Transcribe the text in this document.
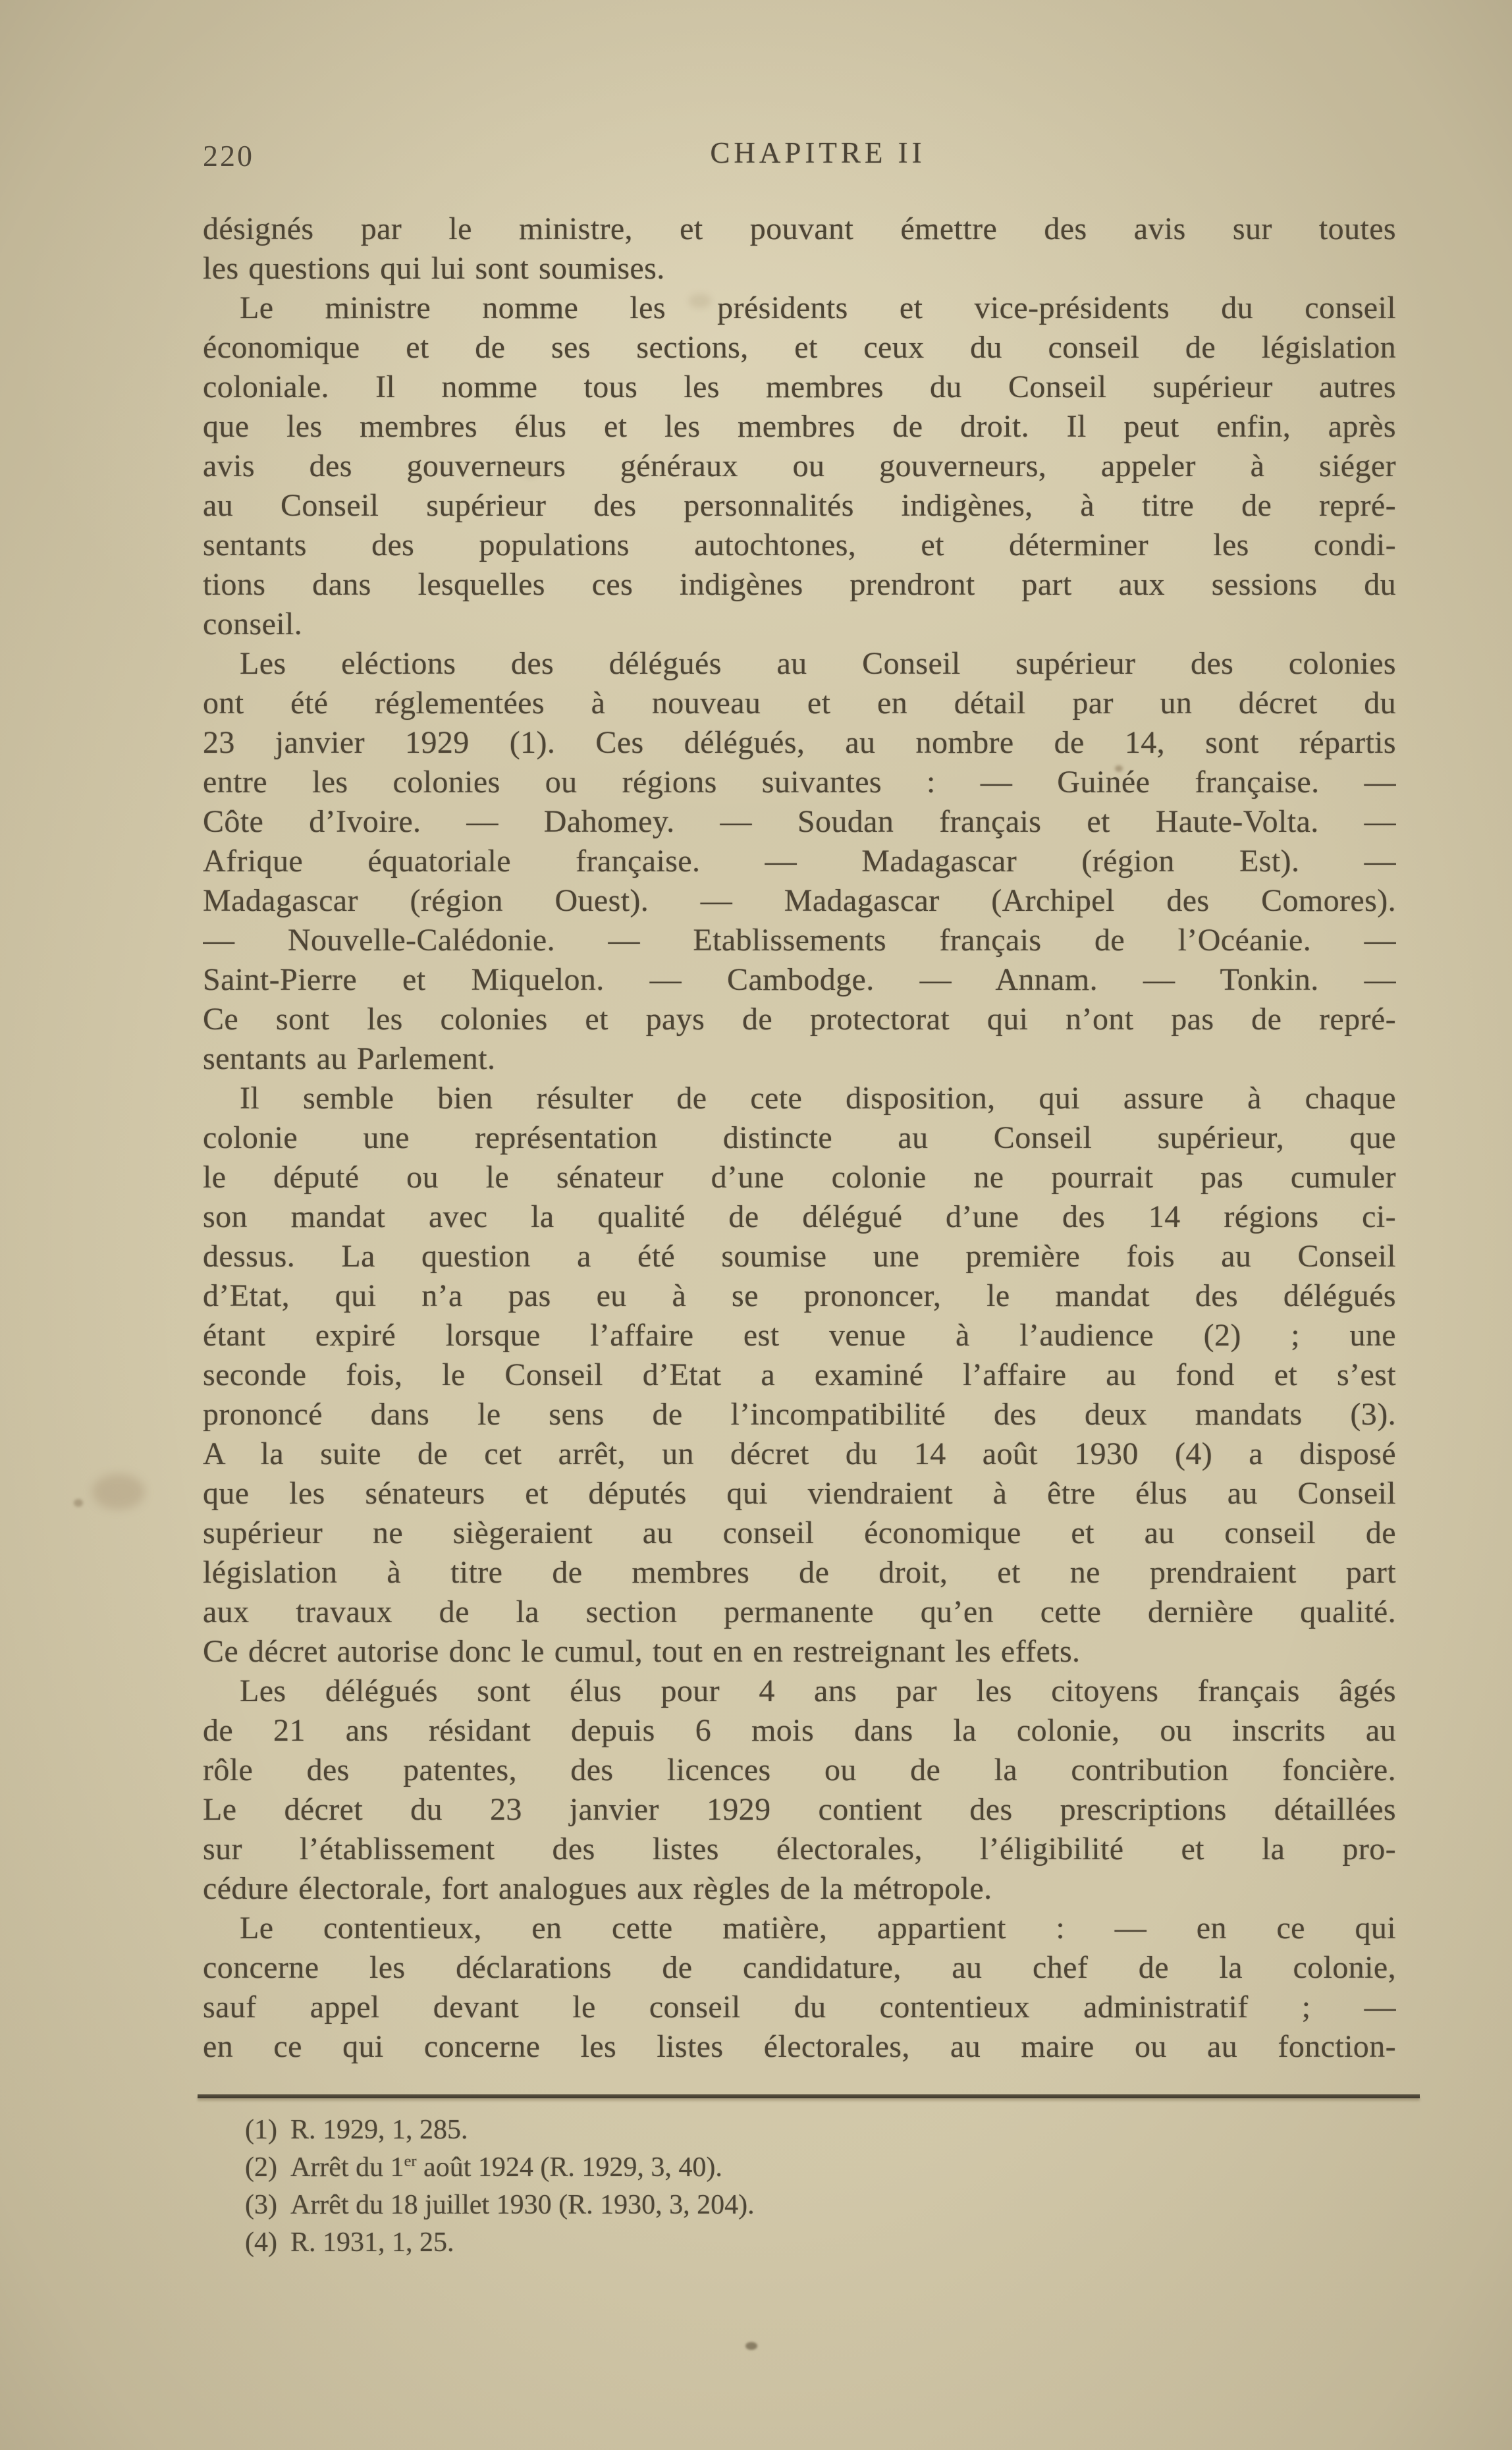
220	CHAPITRE II
désignés par le ministre, et pouvant émettre des avis sur toutes
les questions qui lui sont soumises.
Le ministre nomme les présidents et vice-présidents du conseil
économique et de ses sections, et ceux du conseil de législation
coloniale. Il nomme tous les membres du Conseil supérieur autres
que les membres élus et les membres de droit. Il peut enfin, après
avis des gouverneurs généraux ou gouverneurs, appeler à siéger
au Conseil supérieur des personnalités indigènes, à titre de repré-
sentants des populations autochtones, et déterminer les condi-
tions dans lesquelles ces indigènes prendront part aux sessions du
conseil.
Les eléctions des délégués au Conseil supérieur des colonies
ont été réglementées à nouveau et en détail par un décret du
23 janvier 1929 (1). Ces délégués, au nombre de 14, sont répartis
entre les colonies ou régions suivantes : — Guinée française. —
Côte d’Ivoire. — Dahomey. — Soudan français et Haute-Volta. —
Afrique équatoriale française. — Madagascar (région Est). —
Madagascar (région Ouest). — Madagascar (Archipel des Comores).
— Nouvelle-Calédonie. — Etablissements français de l’Océanie. —
Saint-Pierre et Miquelon. — Cambodge. — Annam. — Tonkin. —
Ce sont les colonies et pays de protectorat qui n’ont pas de repré-
sentants au Parlement.
Il semble bien résulter de cete disposition, qui assure à chaque
colonie une représentation distincte au Conseil supérieur, que
le député ou le sénateur d’une colonie ne pourrait pas cumuler
son mandat avec la qualité de délégué d’une des 14 régions ci-
dessus. La question a été soumise une première fois au Conseil
d’Etat, qui n’a pas eu à se prononcer, le mandat des délégués
étant expiré lorsque l’affaire est venue à l’audience (2) ; une
seconde fois, le Conseil d’Etat a examiné l’affaire au fond et s’est
prononcé dans le sens de l’incompatibilité des deux mandats (3).
A la suite de cet arrêt, un décret du 14 août 1930 (4) a disposé
que les sénateurs et députés qui viendraient à être élus au Conseil
supérieur ne siègeraient au conseil économique et au conseil de
législation à titre de membres de droit, et ne prendraient part
aux travaux de la section permanente qu’en cette dernière qualité.
Ce décret autorise donc le cumul, tout en en restreignant les effets.
Les délégués sont élus pour 4 ans par les citoyens français âgés
de 21 ans résidant depuis 6 mois dans la colonie, ou inscrits au
rôle des patentes, des licences ou de la contribution foncière.
Le décret du 23 janvier 1929 contient des prescriptions détaillées
sur l’établissement des listes électorales, l’éligibilité et la pro-
cédure électorale, fort analogues aux règles de la métropole.
Le contentieux, en cette matière, appartient : — en ce qui
concerne les déclarations de candidature, au chef de la colonie,
sauf appel devant le conseil du contentieux administratif ; —
en ce qui concerne les listes électorales, au maire ou au fonction-
(1) R. 1929, 1, 285.
(2) Arrêt du 1er août 1924 (R. 1929, 3, 40).
(3) Arrêt du 18 juillet 1930 (R. 1930, 3, 204).
(4) R. 1931, 1, 25.
